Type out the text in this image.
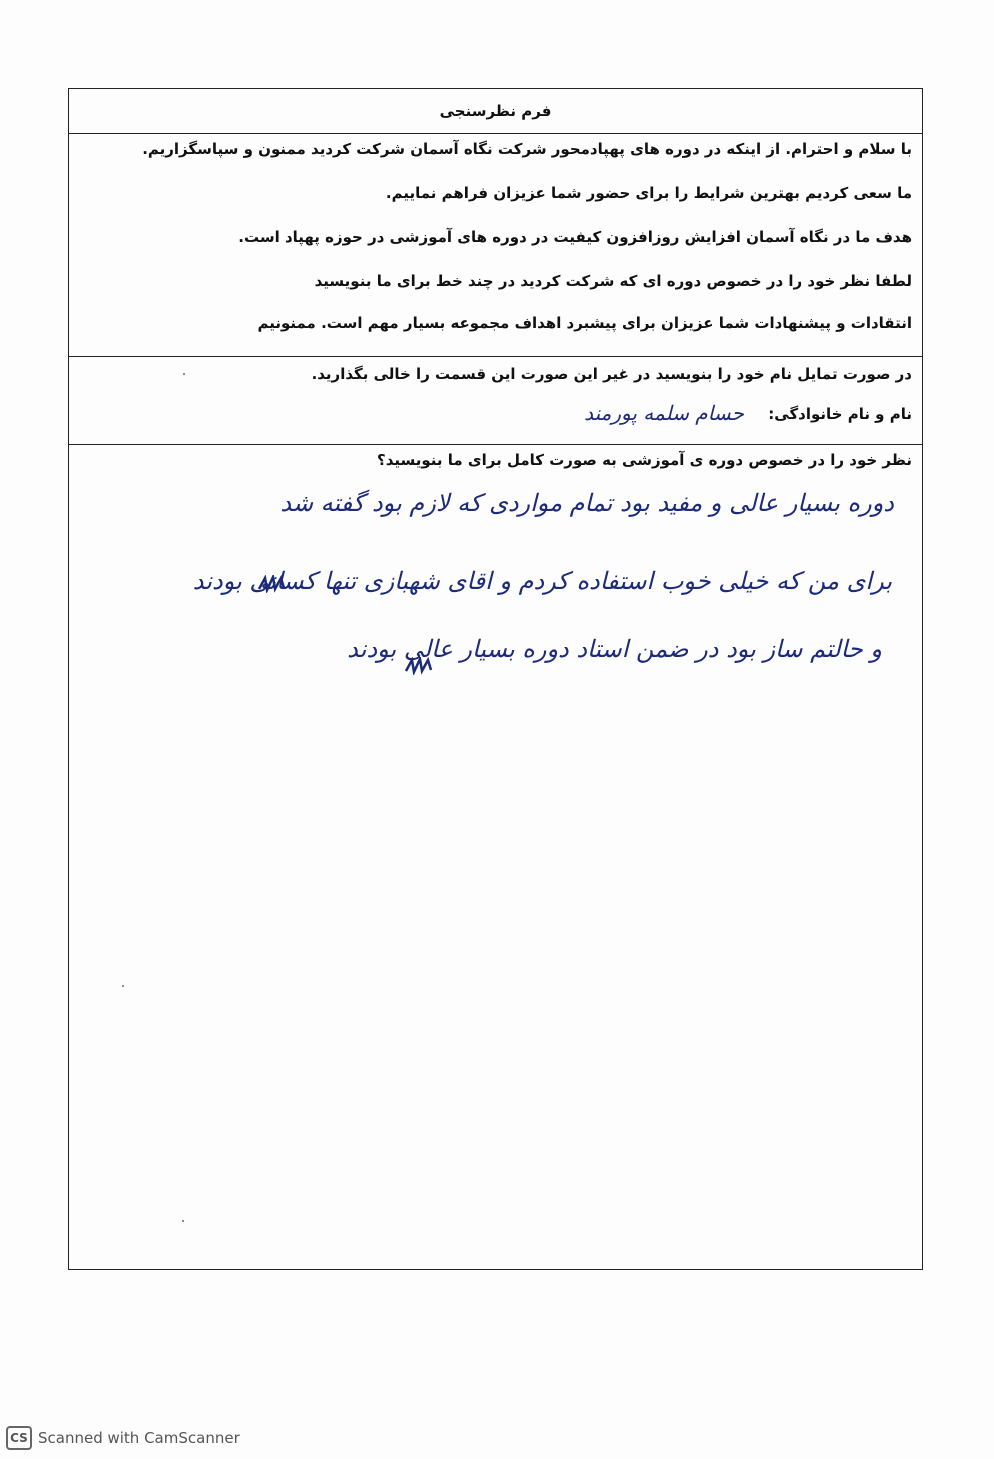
فرم نظرسنجی
با سلام و احترام. از اینکه در دوره های پهپادمحور شرکت نگاه آسمان شرکت کردید ممنون و سپاسگزاریم.
ما سعی کردیم بهترین شرایط را برای حضور شما عزیزان فراهم نماییم.
هدف ما در نگاه آسمان افزایش روزافزون کیفیت در دوره های آموزشی در حوزه پهپاد است.
لطفا نظر خود را در خصوص دوره ای که شرکت کردید در چند خط برای ما بنویسید
انتقادات و پیشنهادات شما عزیزان برای پیشبرد اهداف مجموعه بسیار مهم است. ممنونیم
در صورت تمایل نام خود را بنویسید در غیر این صورت این قسمت را خالی بگذارید.
نام و نام خانوادگی:
حسام سلمه پورمند
نظر خود را در خصوص دوره ی آموزشی به صورت کامل برای ما بنویسید؟
دوره بسیار عالی و مفید بود تمام مواردی که لازم بود گفته شد
برای من که خیلی خوب استفاده کردم و اقای شهبازی تنها کسانی بودند
و حالتم ساز بود در ضمن استاد دوره بسیار عالی بودند
CS Scanned with CamScanner
